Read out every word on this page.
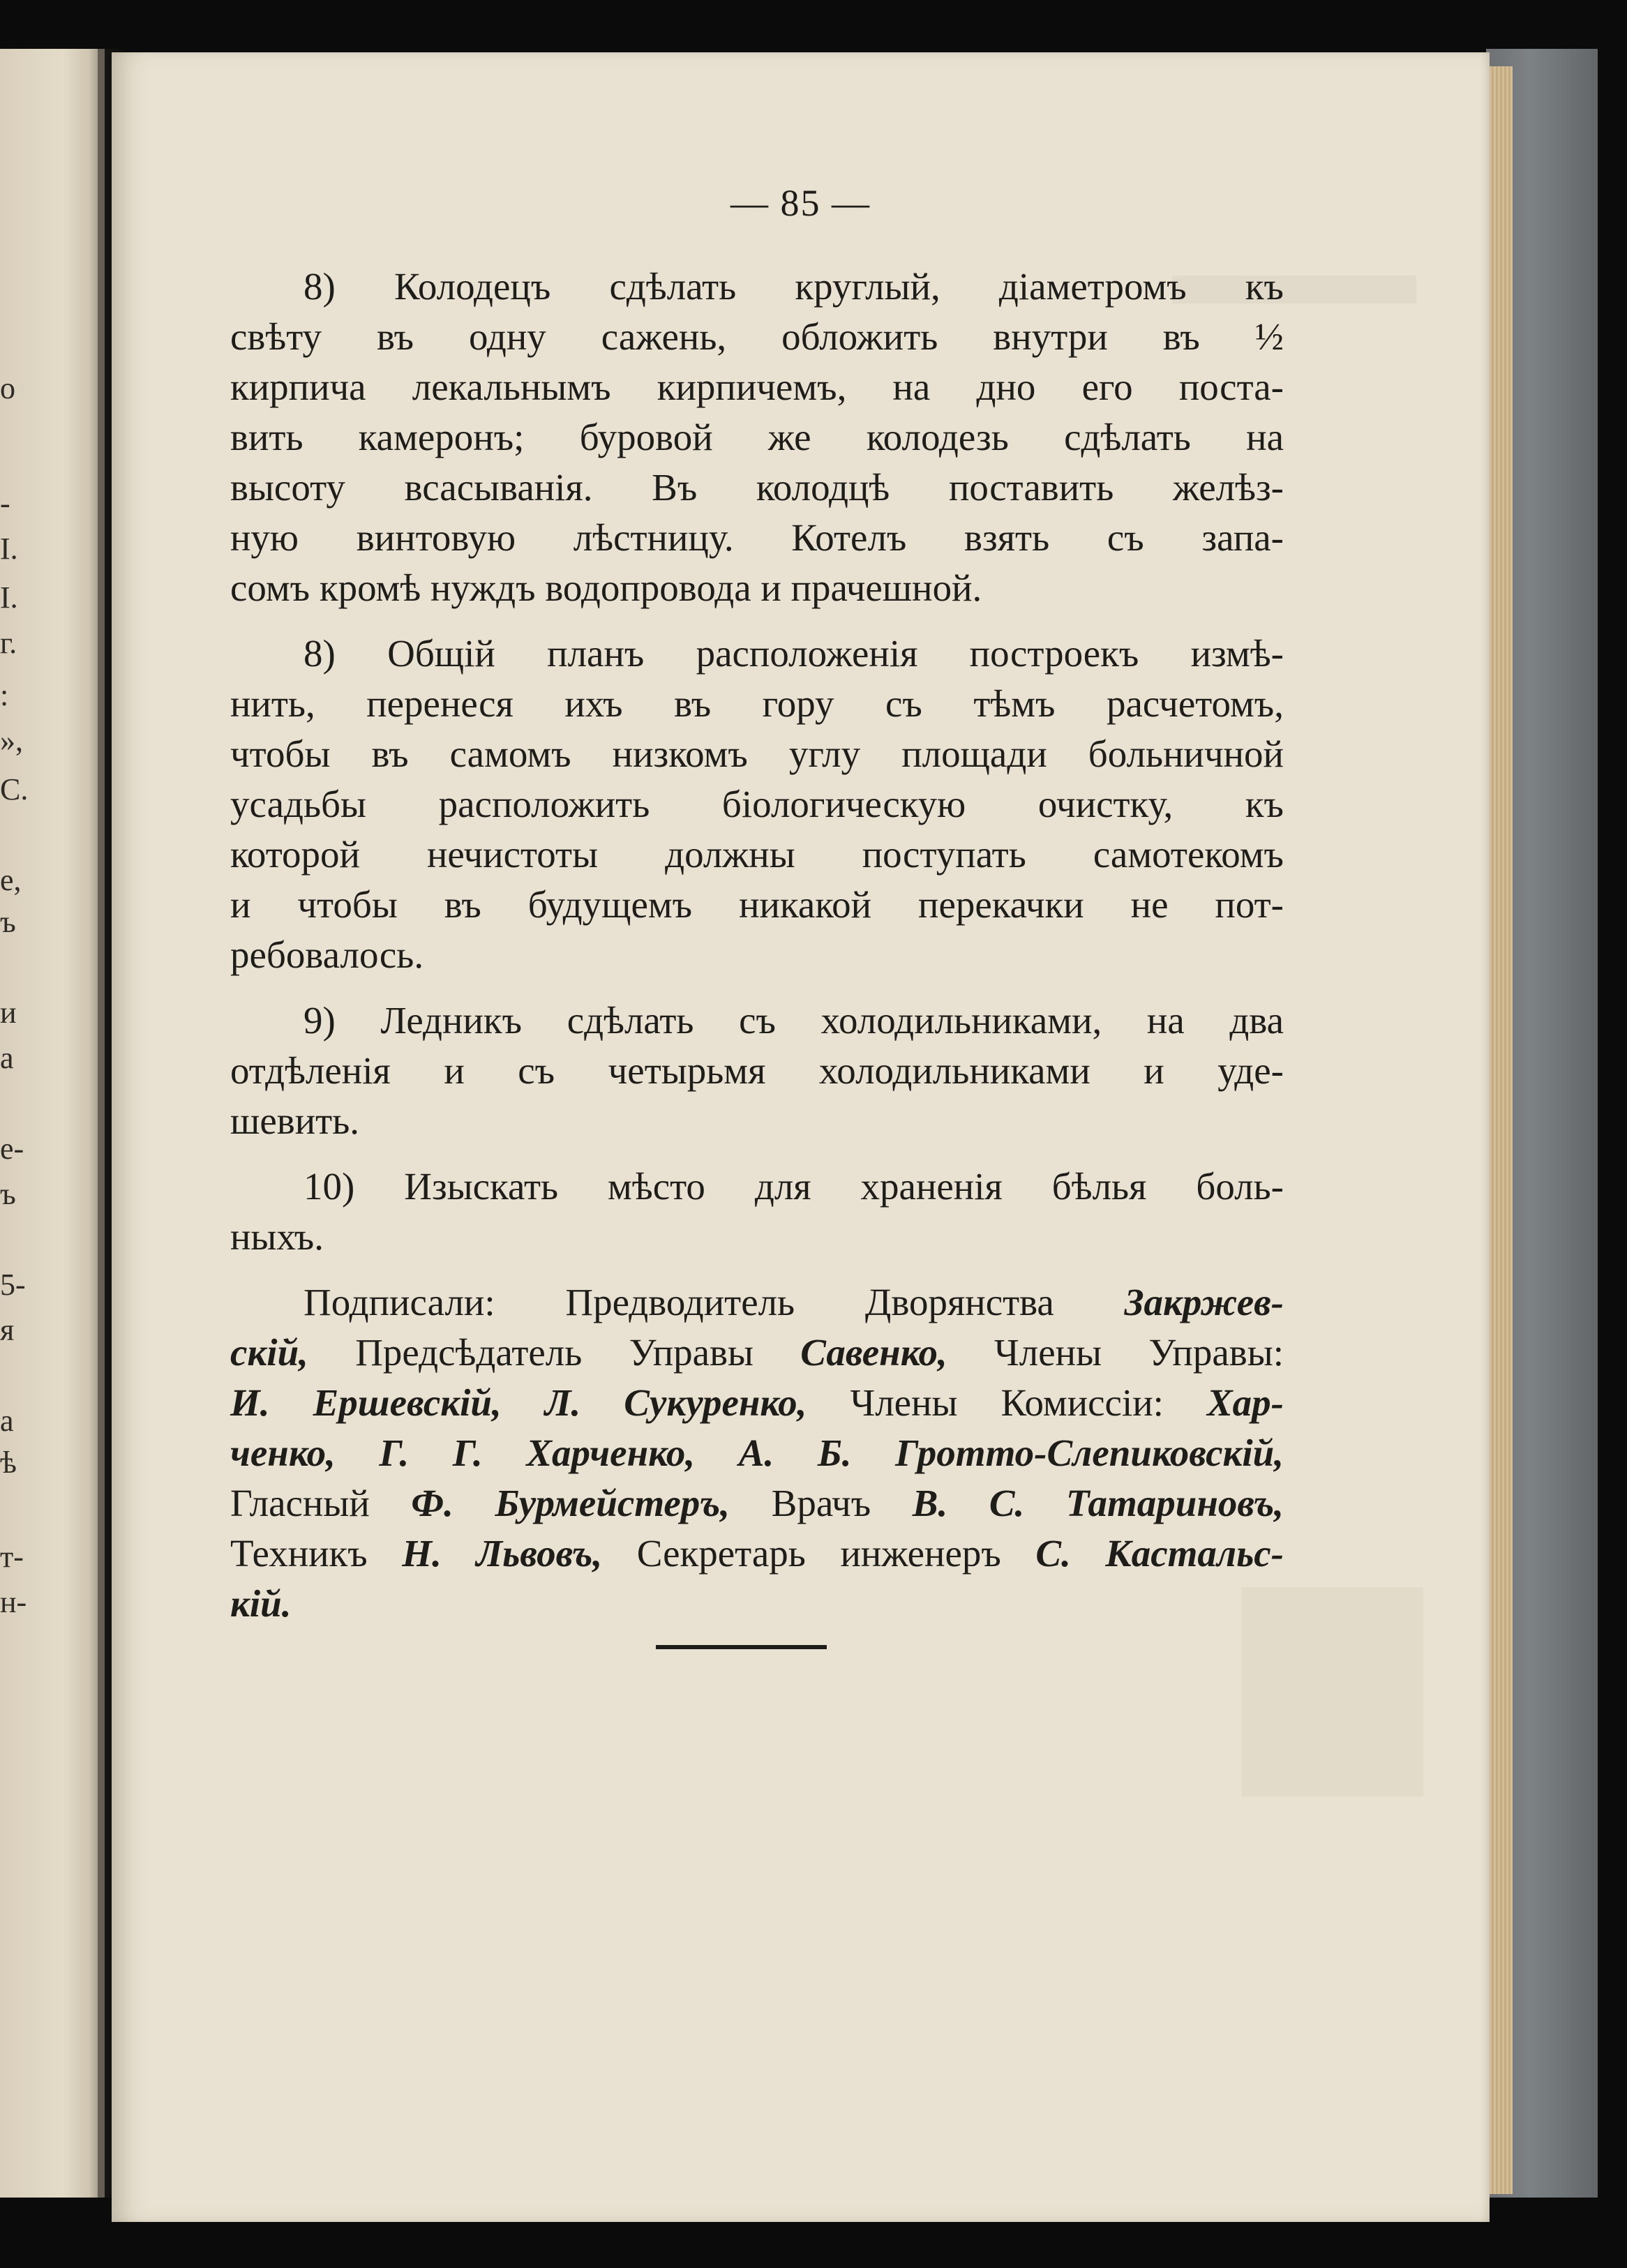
о
-
I.
I.
г.
:
»,
С.
е,
ъ
и
а
е-
ъ
5-
я
а
ѣ
т-
н-
— 85 —

8) Колодецъ сдѣлать круглый, діаметромъ къ
свѣту въ одну сажень, обложить внутри въ ½
кирпича лекальнымъ кирпичемъ, на дно его поста-
вить камеронъ; буровой же колодезь сдѣлать на
высоту всасыванія. Въ колодцѣ поставить желѣз-
ную винтовую лѣстницу. Котелъ взять съ запа-
сомъ кромѣ нуждъ водопровода и прачешной.

8) Общій планъ расположенія построекъ измѣ-
нить, перенеся ихъ въ гору съ тѣмъ расчетомъ,
чтобы въ самомъ низкомъ углу площади больничной
усадьбы расположить біологическую очистку, къ
которой нечистоты должны поступать самотекомъ
и чтобы въ будущемъ никакой перекачки не пот-
ребовалось.

9) Ледникъ сдѣлать съ холодильниками, на два
отдѣленія и съ четырьмя холодильниками и уде-
шевить.

10) Изыскать мѣсто для храненія бѣлья боль-
ныхъ.

Подписали: Предводитель Дворянства Закржев-
скій, Предсѣдатель Управы Савенко, Члены Управы:
И. Ершевскій, Л. Сукуренко, Члены Комиссіи: Хар-
ченко, Г. Г. Харченко, А. Б. Гротто-Слепиковскій,
Гласный Ф. Бурмейстеръ, Врачъ В. С. Татариновъ,
Техникъ Н. Львовъ, Секретарь инженеръ С. Кастальс-
кій.
